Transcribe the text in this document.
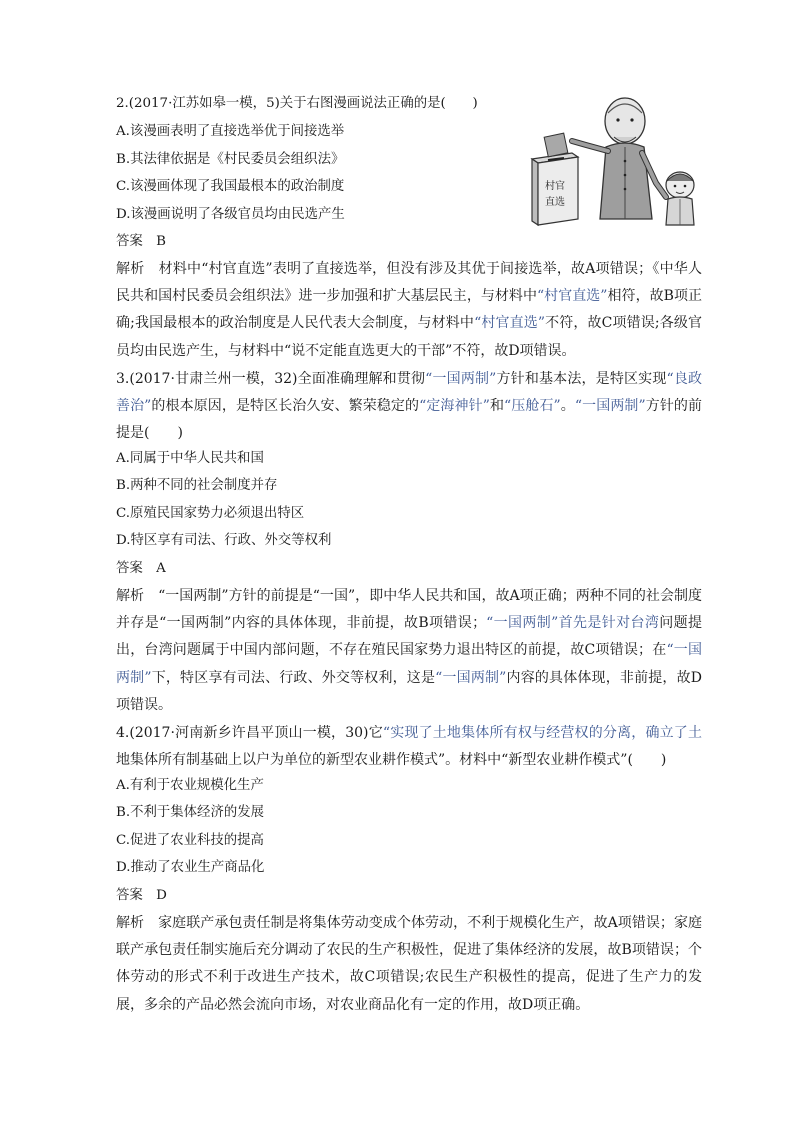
2.(2017·江苏如皋一模，5)关于右图漫画说法正确的是(　　)
A.该漫画表明了直接选举优于间接选举
B.其法律依据是《村民委员会组织法》
C.该漫画体现了我国最根本的政治制度
D.该漫画说明了各级官员均由民选产生
答案　B
村官
直选
解析　材料中“村官直选”表明了直接选举，但没有涉及其优于间接选举，故A项错误；《中华人民共和国村民委员会组织法》进一步加强和扩大基层民主，与材料中“村官直选”相符，故B项正确;我国最根本的政治制度是人民代表大会制度，与材料中“村官直选”不符，故C项错误;各级官员均由民选产生，与材料中“说不定能直选更大的干部”不符，故D项错误。
3.(2017·甘肃兰州一模，32)全面准确理解和贯彻“一国两制”方针和基本法，是特区实现“良政善治”的根本原因，是特区长治久安、繁荣稳定的“定海神针”和“压舱石”。“一国两制”方针的前提是(　　)
A.同属于中华人民共和国
B.两种不同的社会制度并存
C.原殖民国家势力必须退出特区
D.特区享有司法、行政、外交等权利
答案　A
解析　“一国两制”方针的前提是“一国”，即中华人民共和国，故A项正确；两种不同的社会制度并存是“一国两制”内容的具体体现，非前提，故B项错误；“一国两制”首先是针对台湾问题提出，台湾问题属于中国内部问题，不存在殖民国家势力退出特区的前提，故C项错误；在“一国两制”下，特区享有司法、行政、外交等权利，这是“一国两制”内容的具体体现，非前提，故D项错误。
4.(2017·河南新乡许昌平顶山一模，30)它“实现了土地集体所有权与经营权的分离，确立了土地集体所有制基础上以户为单位的新型农业耕作模式”。材料中“新型农业耕作模式”(　　)
A.有利于农业规模化生产
B.不利于集体经济的发展
C.促进了农业科技的提高
D.推动了农业生产商品化
答案　D
解析　家庭联产承包责任制是将集体劳动变成个体劳动，不利于规模化生产，故A项错误；家庭联产承包责任制实施后充分调动了农民的生产积极性，促进了集体经济的发展，故B项错误；个体劳动的形式不利于改进生产技术，故C项错误;农民生产积极性的提高，促进了生产力的发展，多余的产品必然会流向市场，对农业商品化有一定的作用，故D项正确。
